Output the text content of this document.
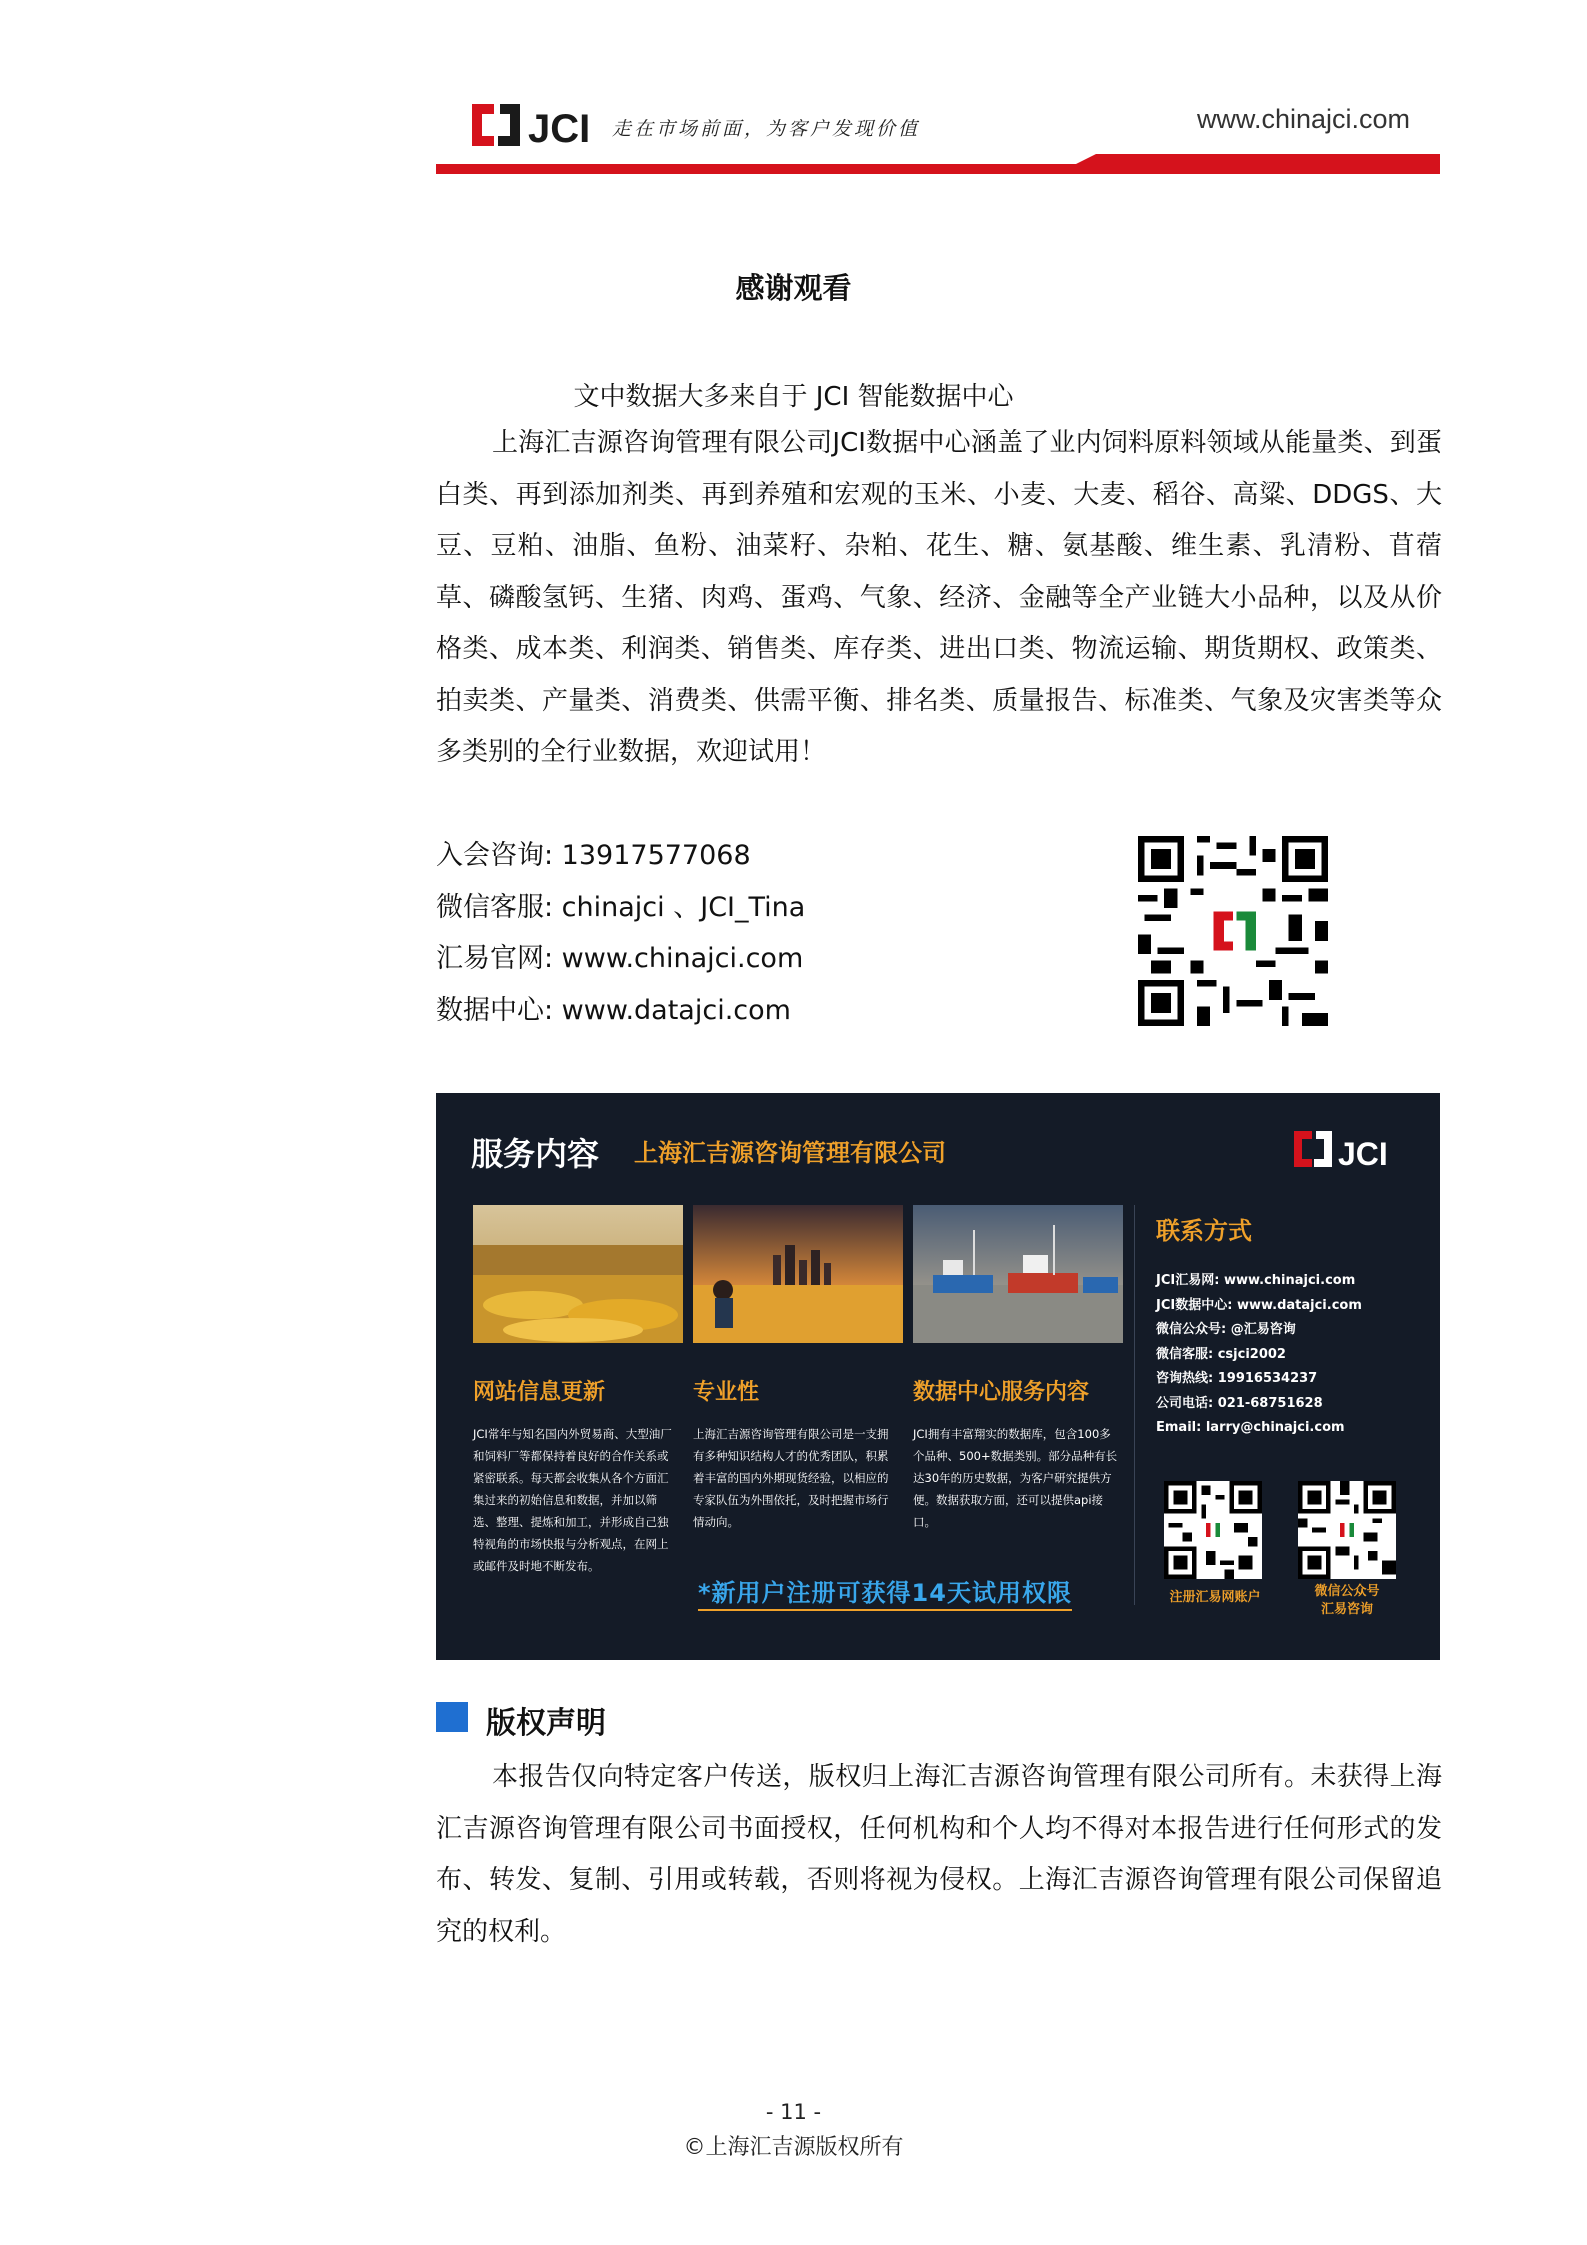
JCI 走在市场前面，为客户发现价值	www.chinajci.com
感谢观看
文中数据大多来自于 JCI 智能数据中心

上海汇吉源咨询管理有限公司JCI数据中心涵盖了业内饲料原料领域从能量类、到蛋白类、再到添加剂类、再到养殖和宏观的玉米、小麦、大麦、稻谷、高粱、DDGS、大豆、豆粕、油脂、鱼粉、油菜籽、杂粕、花生、糖、氨基酸、维生素、乳清粉、苜蓿草、磷酸氢钙、生猪、肉鸡、蛋鸡、气象、经济、金融等全产业链大小品种，以及从价格类、成本类、利润类、销售类、库存类、进出口类、物流运输、期货期权、政策类、拍卖类、产量类、消费类、供需平衡、排名类、质量报告、标准类、气象及灾害类等众多类别的全行业数据，欢迎试用！

入会咨询: 13917577068
微信客服: chinajci 、JCI_Tina
汇易官网: www.chinajci.com
数据中心: www.datajci.com
服务内容 上海汇吉源咨询管理有限公司	JCI
网站信息更新	专业性	数据中心服务内容

JCI常年与知名国内外贸易商、大型油厂和饲料厂等都保持着良好的合作关系或紧密联系。每天都会收集从各个方面汇集过来的初始信息和数据，并加以筛选、整理、提炼和加工，并形成自己独特视角的市场快报与分析观点，在网上或邮件及时地不断发布。

上海汇吉源咨询管理有限公司是一支拥有多种知识结构人才的优秀团队，积累着丰富的国内外期现货经验，以相应的专家队伍为外围依托，及时把握市场行情动向。

JCI拥有丰富翔实的数据库，包含100多个品种、500+数据类别。部分品种有长达30年的历史数据，为客户研究提供方便。数据获取方面，还可以提供api接口。

联系方式
JCI汇易网: www.chinajci.com
JCI数据中心: www.datajci.com
微信公众号: @汇易咨询
微信客服: csjci2002
咨询热线: 19916534237
公司电话: 021-68751628
Email: larry@chinajci.com
*新用户注册可获得14天试用权限	注册汇易网账户	微信公众号
汇易咨询
版权声明

本报告仅向特定客户传送，版权归上海汇吉源咨询管理有限公司所有。未获得上海汇吉源咨询管理有限公司书面授权，任何机构和个人均不得对本报告进行任何形式的发布、转发、复制、引用或转载，否则将视为侵权。上海汇吉源咨询管理有限公司保留追究的权利。

- 11 -
©上海汇吉源版权所有
